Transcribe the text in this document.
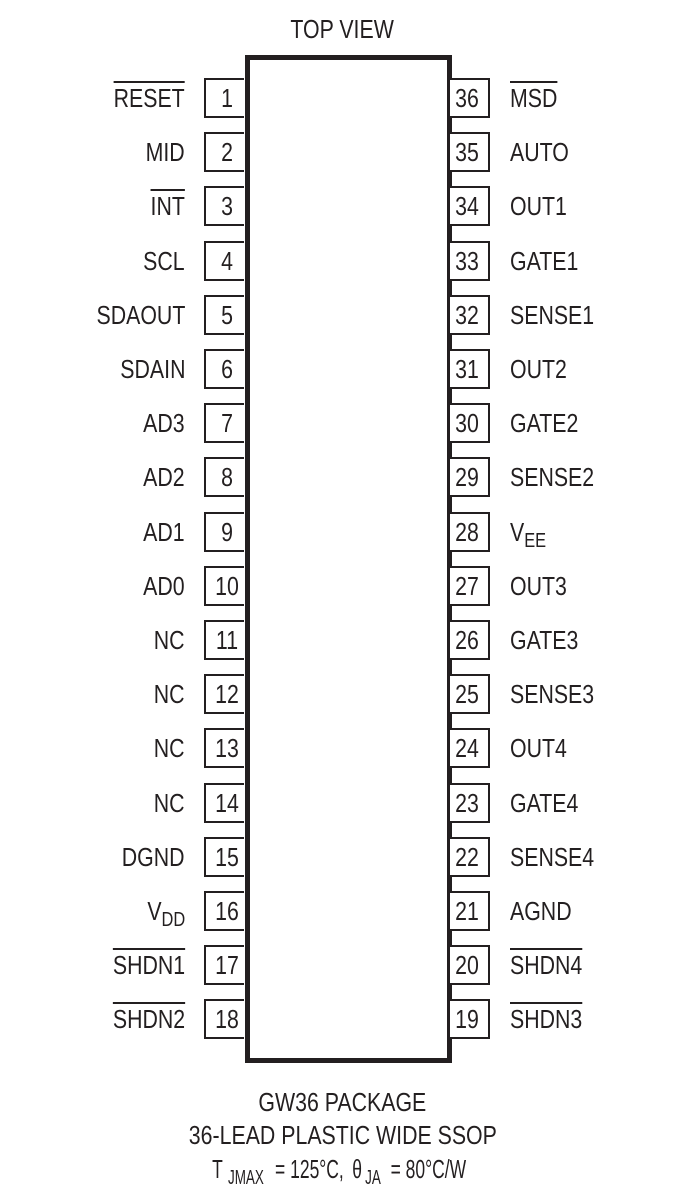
TOP VIEW
1
RESET
2
MID
3
$\overline{INT}$
4
SCL
5
SDAOUT
6
SDAIN
7
AD3
8
AD2
9
AD1
10
AD0
11
NC
12
NC
13
NC
14
NC
15
DGND
16
$V_{DD}$
17
SHDN1
18
SHDN2
36 $\overline{MSD}$
35 AUTO
34 OUT1
33 GATE1
32 SENSE1
31 OUT2
30 GATE2
29 SENSE2
28 $V_{EE}$
27 OUT3
26 GATE3
25 SENSE3
24 OUT4
23 GATE4
22 SENSE4
21 AGND
20 SHDN4
19 SHDN3
GW36 PACKAGE
36-LEAD PLASTIC WIDE SSOP
T JMAX= 125°C,θ JA= 80°C/W
